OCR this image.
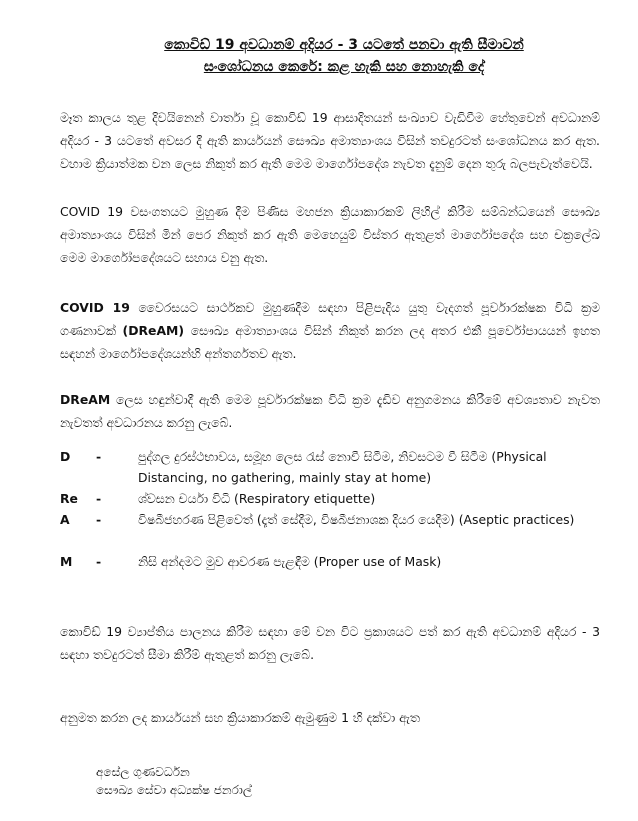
කොවිඩ් 19 අවධානම් අදියර - 3 යටතේ පනවා ඇති සීමාවන්
සංශෝධනය කෙරේ: කළ හැකි සහ නොහැකි දේ
මෑත කාලය තුළ දිවයිනෙන් වාර්තා වූ කොවිඩ් 19 ආසාදිතයන් සංඛ්‍යාව වැඩිවීම හේතුවෙන් අවධානම් අදියර - 3 යටතේ අවසර දී ඇති කාර්යයන් සෞඛ්‍ය අමාත්‍යාංශය විසින් තවදුරටත් සංශෝධනය කර ඇත. වහාම ක්‍රියාත්මක වන ලෙස නිකුත් කර ඇති මෙම මාර්ගෝපදේශ නැවත දැනුම් දෙන තුරු බලපැවැත්වෙයි.
COVID 19 වසංගතයට මුහුණ දීම පිණිස මහජන ක්‍රියාකාරකම් ලිහිල් කිරීම සම්බන්ධයෙන් සෞඛ්‍ය අමාත්‍යාංශය විසින් මින් පෙර නිකුත් කර ඇති මෙහෙයුම් විස්තර ඇතුළත් මාර්ගෝපදේශ සහ චක්‍රලේඛ මෙම මාර්ගෝපදේශයට සහාය වනු ඇත.
COVID 19 වෛරසයට සාර්ථකව මුහුණදීම සඳහා පිළිපැදිය යුතු වැදගත් පූර්වාරක්ෂක විධි ක්‍රම ගණනාවක් (DReAM) සෞඛ්‍ය අමාත්‍යාංශය විසින් නිකුත් කරන ලද අතර එකී පූර්වෝපායයන් ඉහත සඳහන් මාර්ගෝපදේශයන්හි අන්තර්ගතව ඇත.
DReAM ලෙස හඳුන්වාදී ඇති මෙම පූර්වාරක්ෂක විධි ක්‍රම දැඩිව අනුගමනය කිරීමේ අවශ්‍යතාව නැවත නැවතත් අවධාරනය කරනු ලැබේ.
D	-	පුද්ගල දුරස්ථභාවය, සමූහ ලෙස රැස් නොවී සිටීම, නිවසටම වී සිටීම (Physical Distancing, no gathering, mainly stay at home)
Re	-	ශ්වසන චර්යා විධි (Respiratory etiquette)
A	-	විෂබීජහරණ පිළිවෙත් (දෑත් සේදීම, විෂබීජනාශක දියර යෙදීම) (Aseptic practices)
M	-	නිසි අන්දමට මුව ආවරණ පැළඳීම (Proper use of Mask)
කොවිඩ් 19 ව්‍යාප්තිය පාලනය කිරීම සඳහා මේ වන විට ප්‍රකාශයට පත් කර ඇති අවධානම් අදියර - 3 සඳහා තවදුරටත් සීමා කිරීම් ඇතුළත් කරනු ලැබේ.
අනුමත කරන ලද කාර්යයන් සහ ක්‍රියාකාරකම් ඇමුණුම 1 හි දක්වා ඇත
අසේල ගුණවර්ධන
සෞඛ්‍ය සේවා අධ්‍යක්ෂ ජනරාල්
